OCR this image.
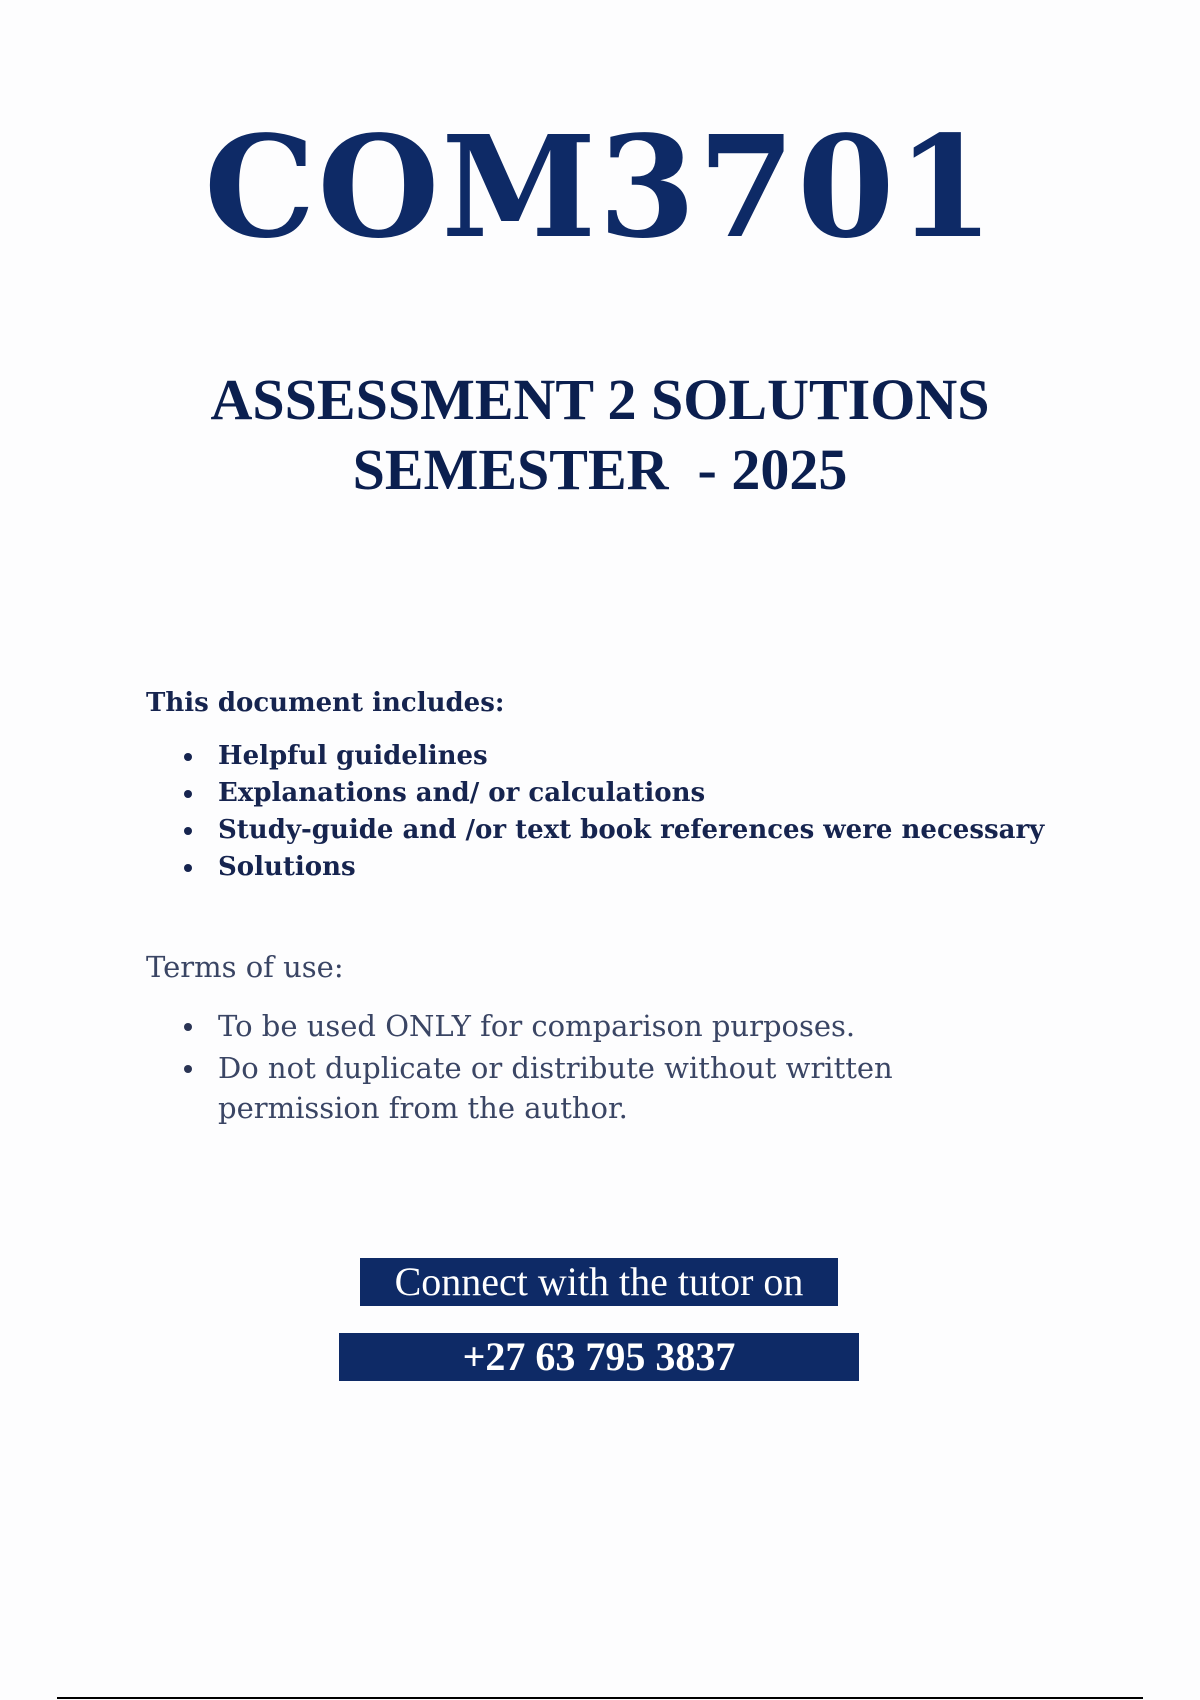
COM3701
ASSESSMENT 2 SOLUTIONS
SEMESTER  - 2025
This document includes:
Helpful guidelines
Explanations and/ or calculations
Study-guide and /or text book references were necessary
Solutions
Terms of use:
To be used ONLY for comparison purposes.
Do not duplicate or distribute without written permission from the author.
Connect with the tutor on
+27 63 795 3837
